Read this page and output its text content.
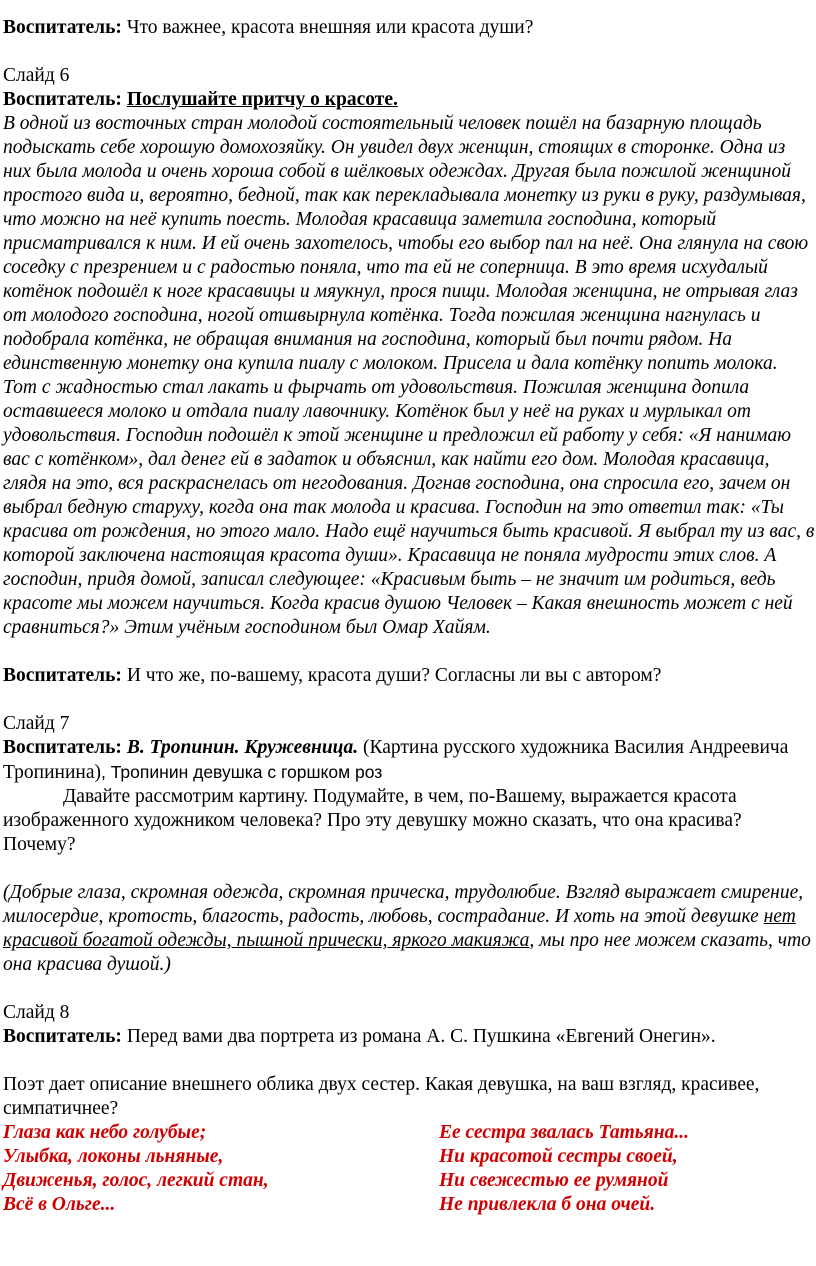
Воспитатель: Что важнее, красота внешняя или красота души?

Слайд 6

Воспитатель: Послушайте притчу о красоте.

В одной из восточных стран молодой состоятельный человек пошёл на базарную площадь подыскать себе хорошую домохозяйку. Он увидел двух женщин, стоящих в сторонке. Одна из них была молода и очень хороша собой в шёлковых одеждах. Другая была пожилой женщиной простого вида и, вероятно, бедной, так как перекладывала монетку из руки в руку, раздумывая, что можно на неё купить поесть. Молодая красавица заметила господина, который присматривался к ним. И ей очень захотелось, чтобы его выбор пал на неё. Она глянула на свою соседку с презрением и с радостью поняла, что та ей не соперница. В это время исхудалый котёнок подошёл к ноге красавицы и мяукнул, прося пищи. Молодая женщина, не отрывая глаз от молодого господина, ногой отшвырнула котёнка. Тогда пожилая женщина нагнулась и подобрала котёнка, не обращая внимания на господина, который был почти рядом. На единственную монетку она купила пиалу с молоком. Присела и дала котёнку попить молока. Тот с жадностью стал лакать и фырчать от удовольствия. Пожилая женщина допила оставшееся молоко и отдала пиалу лавочнику. Котёнок был у неё на руках и мурлыкал от удовольствия. Господин подошёл к этой женщине и предложил ей работу у себя: «Я нанимаю вас с котёнком», дал денег ей в задаток и объяснил, как найти его дом. Молодая красавица, глядя на это, вся раскраснелась от негодования. Догнав господина, она спросила его, зачем он выбрал бедную старуху, когда она так молода и красива. Господин на это ответил так: «Ты красива от рождения, но этого мало. Надо ещё научиться быть красивой. Я выбрал ту из вас, в которой заключена настоящая красота души». Красавица не поняла мудрости этих слов. А господин, придя домой, записал следующее: «Красивым быть – не значит им родиться, ведь красоте мы можем научиться. Когда красив душою Человек – Какая внешность может с ней сравниться?» Этим учёным господином был Омар Хайям.

Воспитатель: И что же, по-вашему, красота души? Согласны ли вы с автором?

Слайд 7

Воспитатель: В. Тропинин. Кружевница. (Картина русского художника Василия Андреевича Тропинина), Тропинин девушка с горшком роз

Давайте рассмотрим картину. Подумайте, в чем, по-Вашему, выражается красота изображенного художником человека? Про эту девушку можно сказать, что она красива? Почему?

(Добрые глаза, скромная одежда, скромная прическа, трудолюбие. Взгляд выражает смирение, милосердие, кротость, благость, радость, любовь, сострадание. И хоть на этой девушке нет красивой богатой одежды, пышной прически, яркого макияжа, мы про нее можем сказать, что она красива душой.)

Слайд 8

Воспитатель: Перед вами два портрета из романа А. С. Пушкина «Евгений Онегин».

Поэт дает описание внешнего облика двух сестер. Какая девушка, на ваш взгляд, красивее, симпатичнее?

Глаза как небо голубые;

Улыбка, локоны льняные,

Движенья, голос, легкий стан,

Всё в Ольге...

Ее сестра звалась Татьяна...

Ни красотой сестры своей,

Ни свежестью ее румяной

Не привлекла б она очей.
